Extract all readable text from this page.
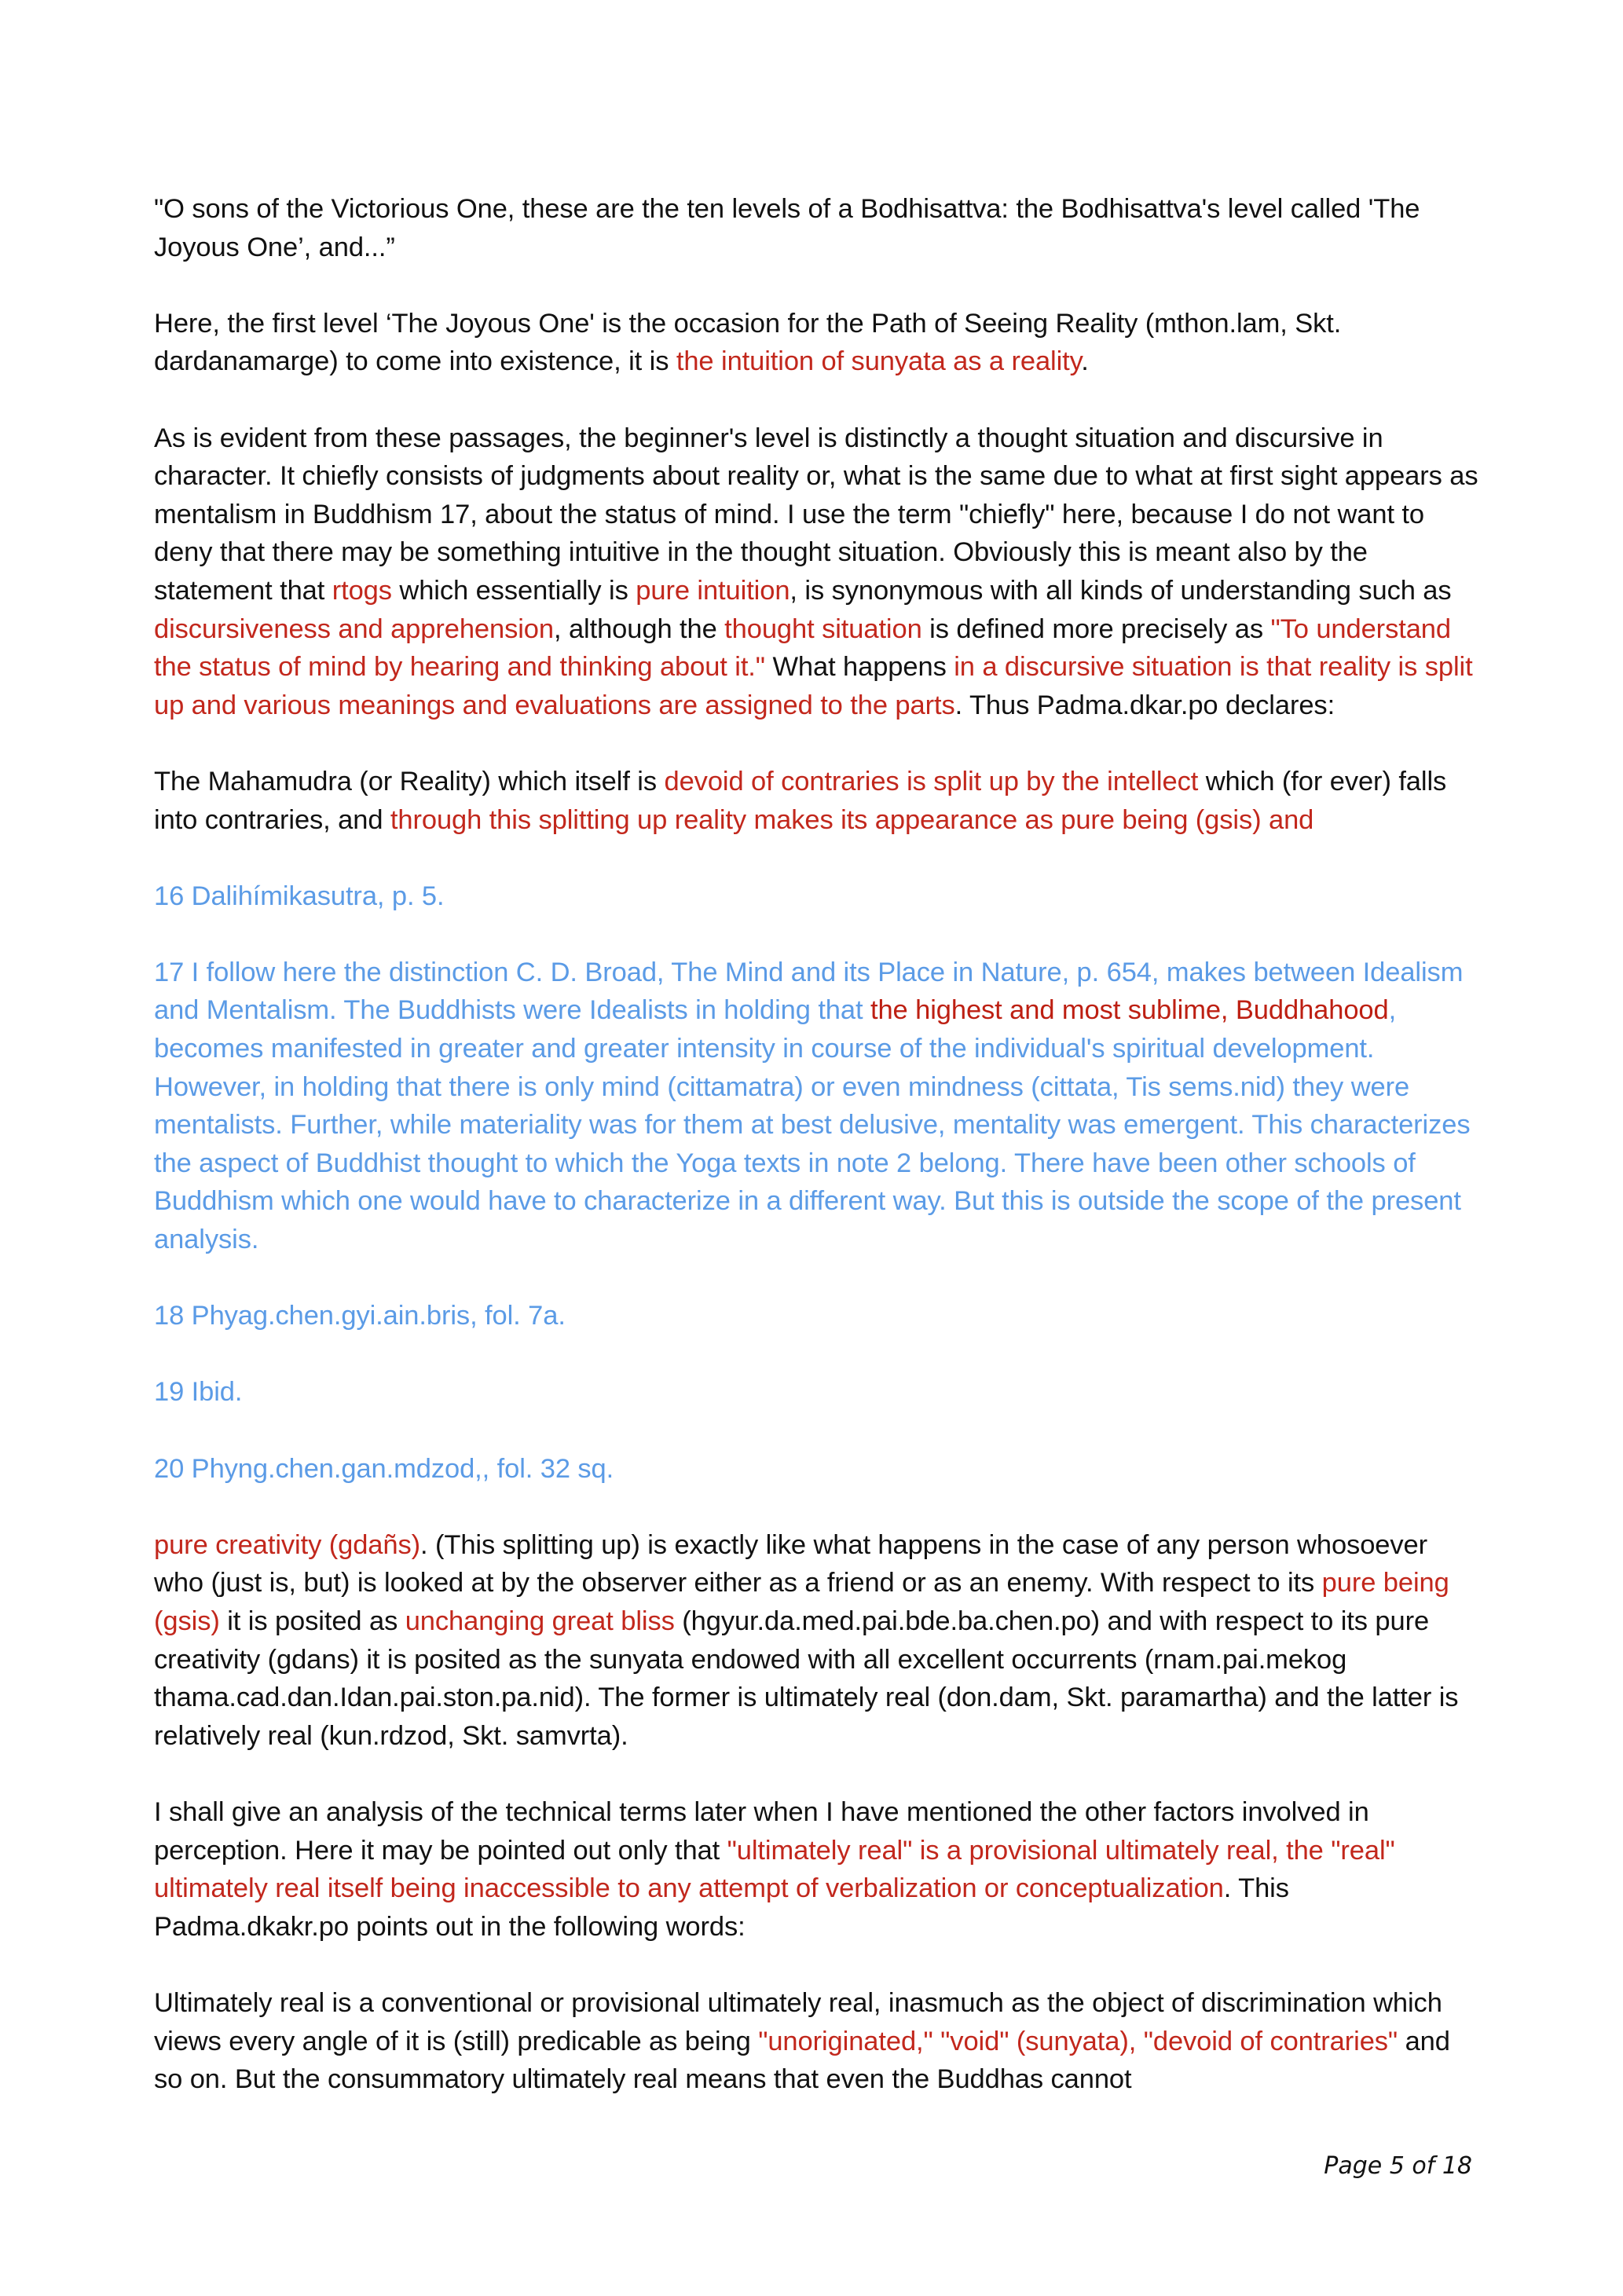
"O sons of the Victorious One, these are the ten levels of a Bodhisattva: the Bodhisattva's level called 'The Joyous One’, and...”

Here, the first level ‘The Joyous One' is the occasion for the Path of Seeing Reality (mthon.lam, Skt. dardanamarge) to come into existence, it is the intuition of sunyata as a reality.

As is evident from these passages, the beginner's level is distinctly a thought situation and discursive in character. It chiefly consists of judgments about reality or, what is the same due to what at first sight appears as mentalism in Buddhism 17, about the status of mind. I use the term "chiefly" here, because I do not want to deny that there may be something intuitive in the thought situation. Obviously this is meant also by the statement that rtogs which essentially is pure intuition, is synonymous with all kinds of understanding such as discursiveness and apprehension, although the thought situation is defined more precisely as "To understand the status of mind by hearing and thinking about it." What happens in a discursive situation is that reality is split up and various meanings and evaluations are assigned to the parts. Thus Padma.dkar.po declares:

The Mahamudra (or Reality) which itself is devoid of contraries is split up by the intellect which (for ever) falls into contraries, and through this splitting up reality makes its appearance as pure being (gsis) and

16 Dalihímikasutra, p. 5.

17 I follow here the distinction C. D. Broad, The Mind and its Place in Nature, p. 654, makes between Idealism and Mentalism. The Buddhists were Idealists in holding that the highest and most sublime, Buddhahood, becomes manifested in greater and greater intensity in course of the individual's spiritual development. However, in holding that there is only mind (cittamatra) or even mindness (cittata, Tis sems.nid) they were mentalists. Further, while materiality was for them at best delusive, mentality was emergent. This characterizes the aspect of Buddhist thought to which the Yoga texts in note 2 belong. There have been other schools of Buddhism which one would have to characterize in a different way. But this is outside the scope of the present analysis.

18 Phyag.chen.gyi.ain.bris, fol. 7a.

19 Ibid.

20 Phyng.chen.gan.mdzod,, fol. 32 sq.

pure creativity (gdañs). (This splitting up) is exactly like what happens in the case of any person whosoever who (just is, but) is looked at by the observer either as a friend or as an enemy. With respect to its pure being (gsis) it is posited as unchanging great bliss (hgyur.da.med.pai.bde.ba.chen.po) and with respect to its pure creativity (gdans) it is posited as the sunyata endowed with all excellent occurrents (rnam.pai.mekog thama.cad.dan.Idan.pai.ston.pa.nid). The former is ultimately real (don.dam, Skt. paramartha) and the latter is relatively real (kun.rdzod, Skt. samvrta).

I shall give an analysis of the technical terms later when I have mentioned the other factors involved in perception. Here it may be pointed out only that "ultimately real" is a provisional ultimately real, the "real" ultimately real itself being inaccessible to any attempt of verbalization or conceptualization. This Padma.dkakr.po points out in the following words:

Ultimately real is a conventional or provisional ultimately real, inasmuch as the object of discrimination which views every angle of it is (still) predicable as being "unoriginated," "void" (sunyata), "devoid of contraries" and so on. But the consummatory ultimately real means that even the Buddhas cannot

Page 5 of 18
